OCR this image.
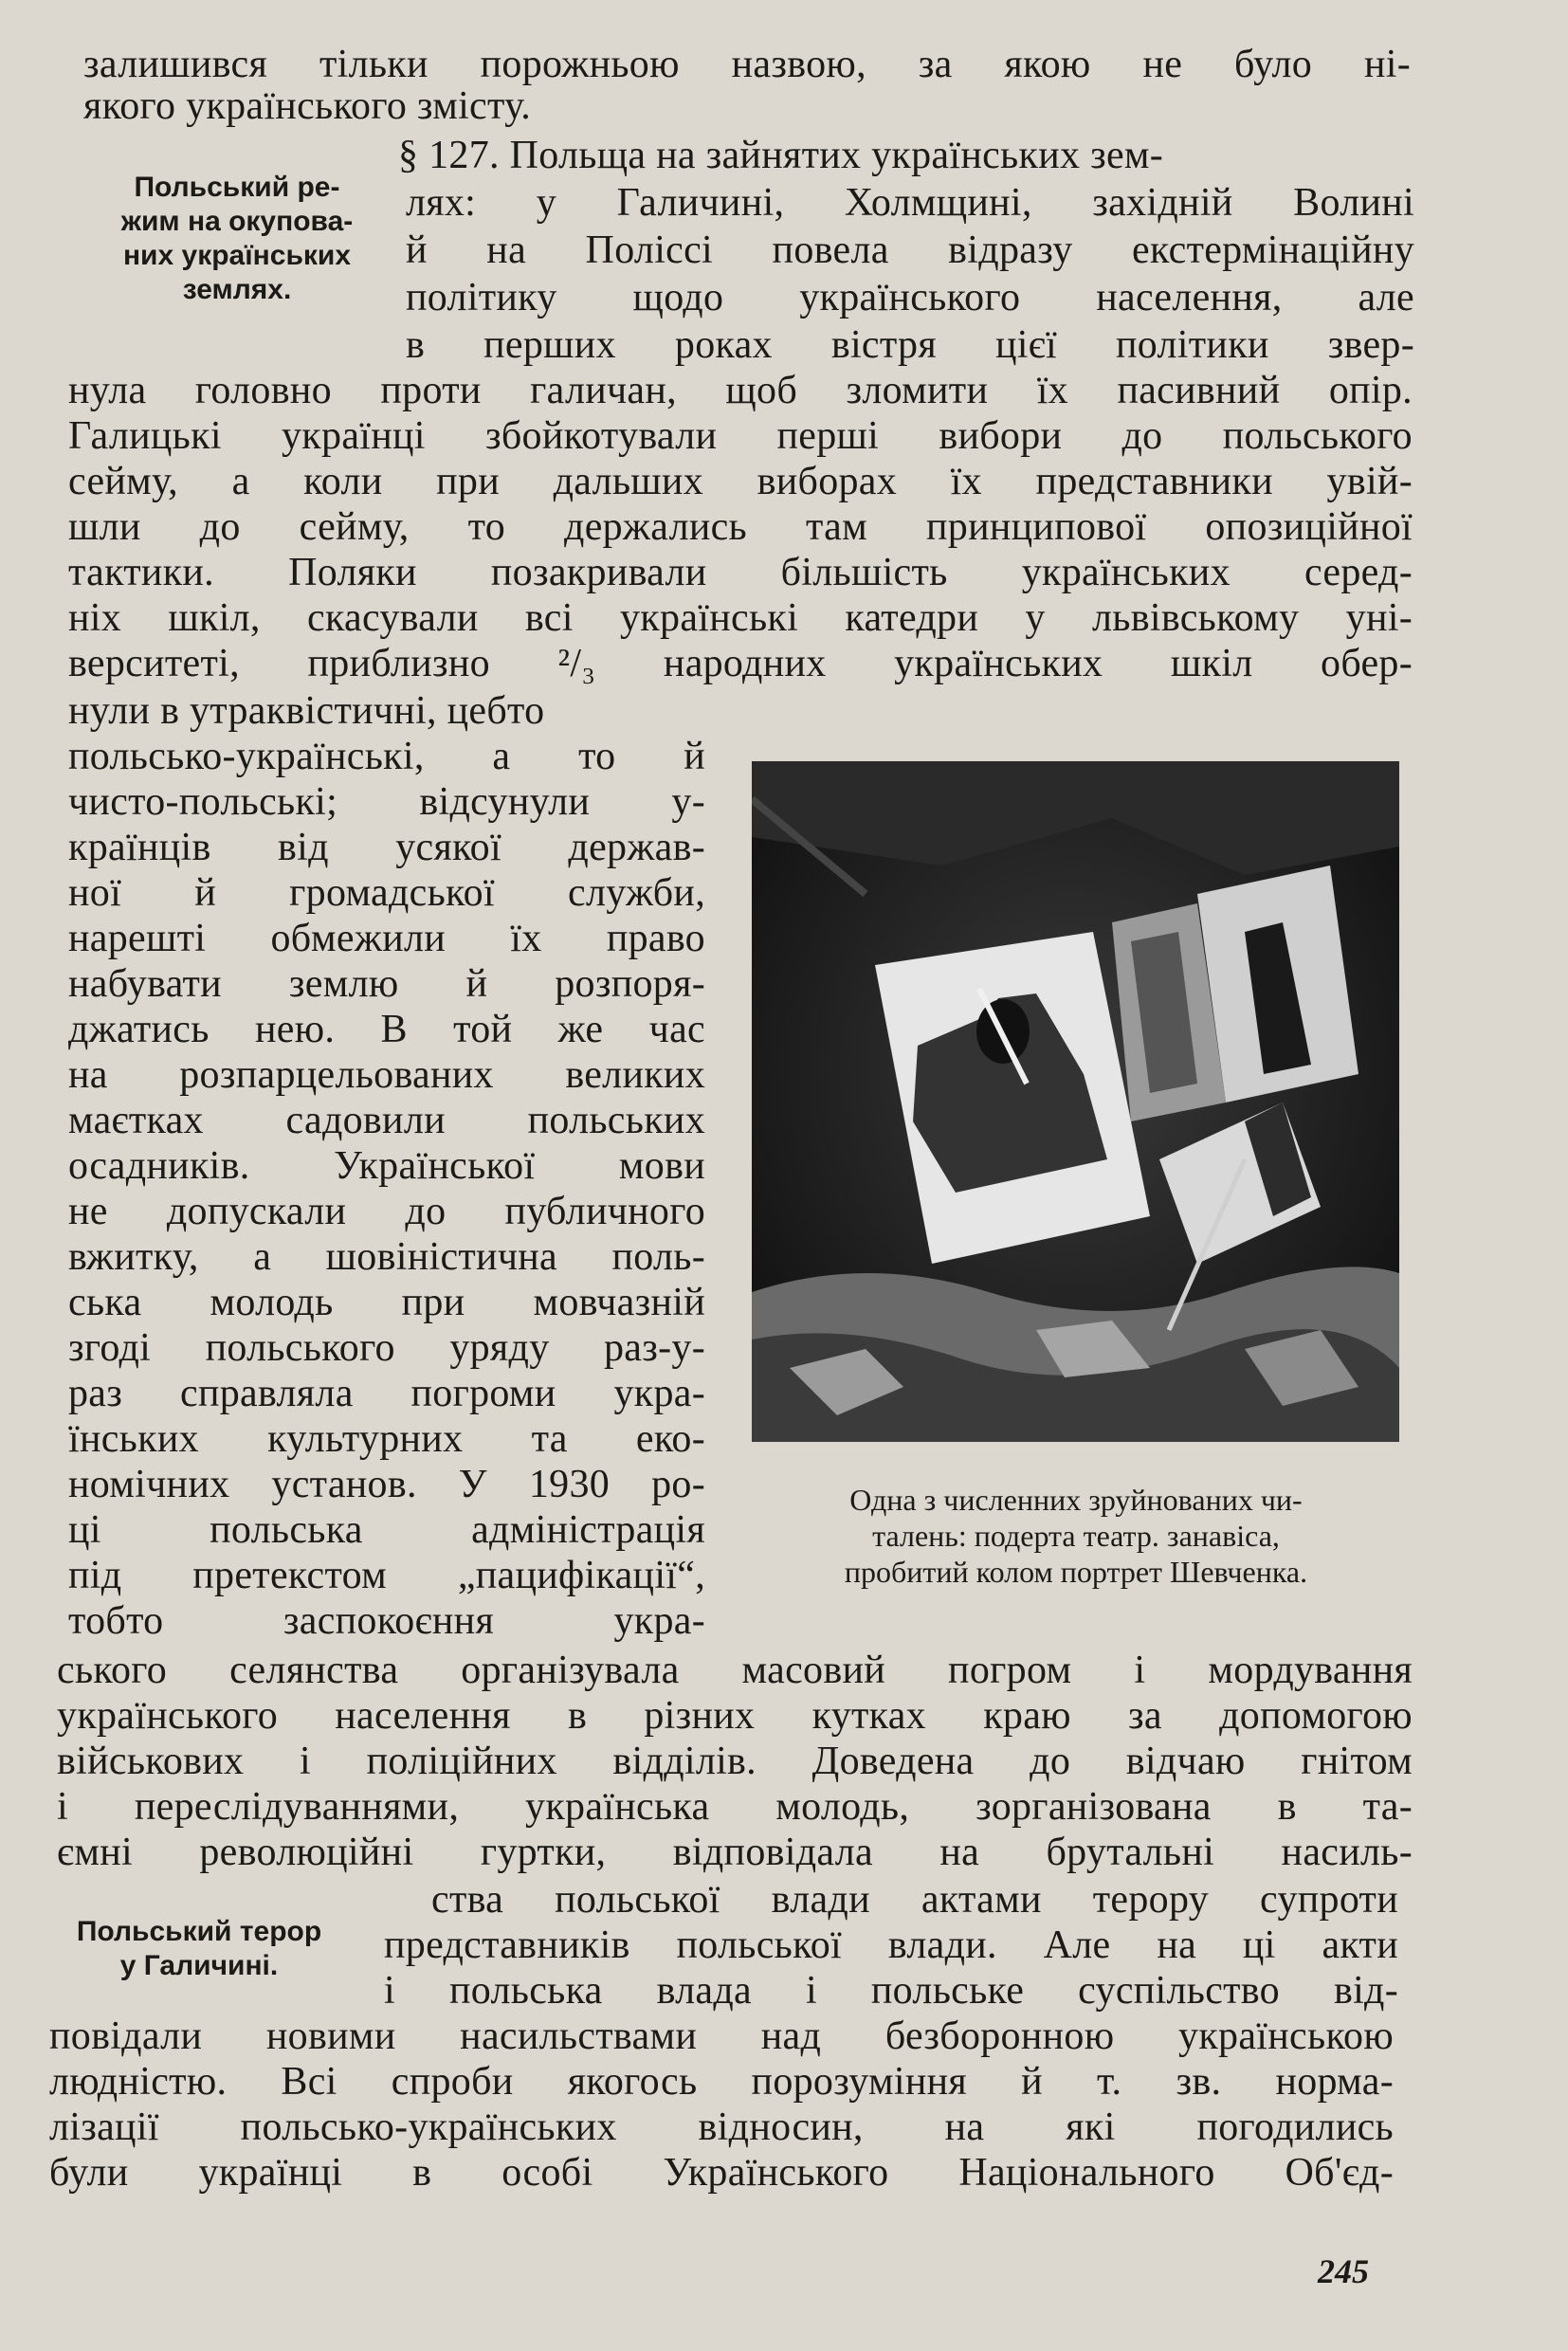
залишився тільки порожньою назвою, за якою не було ні-
якого українського змісту.
Польський ре-
жим на окупова-
них українських
землях.
§ 127. Польща на зайнятих українських зем-
лях: у Галичині, Холмщині, західній Волині
й на Поліссі повела відразу екстермінаційну
політику щодо українського населення, але
в перших роках вістря цієї політики звер-
нула головно проти галичан, щоб зломити їх пасивний опір.
Галицькі українці збойкотували перші вибори до польського
сейму, а коли при дальших виборах їх представники увій-
шли до сейму, то держались там принципової опозиційної
тактики. Поляки позакривали більшість українських серед-
ніх шкіл, скасували всі українські катедри у львівському уні-
верситеті, приблизно ²/₃ народних українських шкіл обер-
нули в утраквістичні, цебто
польсько-українські, а то й
чисто-польські; відсунули у-
країнців від усякої держав-
ної й громадської служби,
нарешті обмежили їх право
набувати землю й розпоря-
джатись нею. В той же час
на розпарцельованих великих
маєтках садовили польських
осадників. Української мови
не допускали до публичного
вжитку, а шовіністична поль-
ська молодь при мовчазній
згоді польського уряду раз-у-
раз справляла погроми укра-
їнських культурних та еко-
номічних установ. У 1930 ро-
ці польська адміністрація
під претекстом „пацифікації“,
тобто заспокоєння укра-
Одна з численних зруйнованих чи-
талень: подерта театр. занавіса,
пробитий колом портрет Шевченка.
ського селянства організувала масовий погром і мордування
українського населення в різних кутках краю за допомогою
військових і поліційних відділів. Доведена до відчаю гнітом
і переслідуваннями, українська молодь, зорганізована в та-
ємні революційні гуртки, відповідала на брутальні насиль-
Польський терор
у Галичині.
ства польської влади актами терору супроти
представників польської влади. Але на ці акти
і польська влада і польське суспільство від-
повідали новими насильствами над безборонною українською
людністю. Всі спроби якогось порозуміння й т. зв. норма-
лізації польсько-українських відносин, на які погодились
були українці в особі Українського Національного Об'єд-
245
